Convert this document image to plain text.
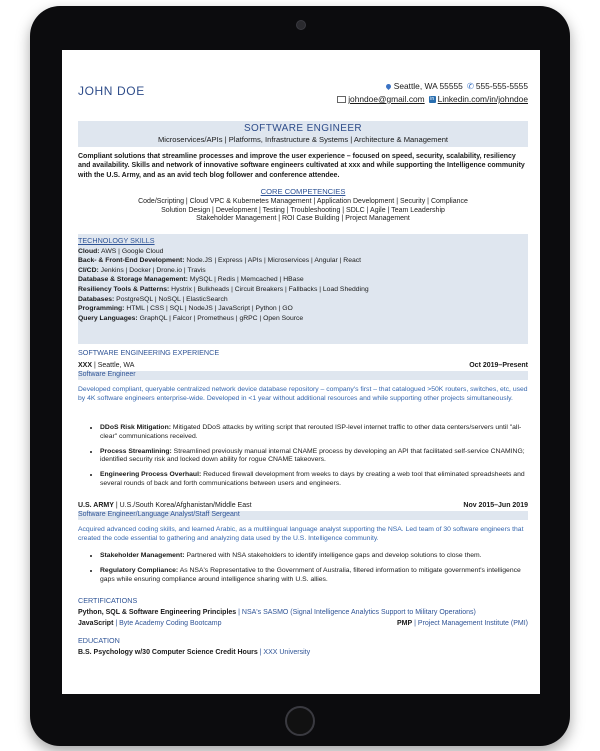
JOHN DOE	Seattle, WA 55555 ✆ 555-555-5555
johndoe@gmail.com in Linkedin.com/in/johndoe
SOFTWARE ENGINEER
Microservices/APIs | Platforms, Infrastructure & Systems | Architecture & Management
Compliant solutions that streamline processes and improve the user experience – focused on speed, security, scalability, resiliency and availability. Skills and network of innovative software engineers cultivated at xxx and while supporting the Intelligence community with the U.S. Army, and as an avid tech blog follower and conference attendee.
CORE COMPETENCIES
Code/Scripting | Cloud VPC & Kubernetes Management | Application Development | Security | Compliance
Solution Design | Development | Testing | Troubleshooting | SDLC | Agile | Team Leadership
Stakeholder Management | ROI Case Building | Project Management
TECHNOLOGY SKILLS
Cloud: AWS | Google Cloud
Back- & Front-End Development: Node.JS | Express | APIs | Microservices | Angular | React
CI/CD: Jenkins | Docker | Drone.io | Travis
Database & Storage Management: MySQL | Redis | Memcached | HBase
Resiliency Tools & Patterns: Hystrix | Bulkheads | Circuit Breakers | Fallbacks | Load Shedding
Databases: PostgreSQL | NoSQL | ElasticSearch
Programming: HTML | CSS | SQL | NodeJS | JavaScript | Python | GO
Query Languages: GraphQL | Falcor | Prometheus | gRPC | Open Source
SOFTWARE ENGINEERING EXPERIENCE
XXX | Seattle, WA	Oct 2019–Present
Software Engineer
Developed compliant, queryable centralized network device database repository – company's first – that catalogued >50K routers, switches, etc, used by 4K software engineers enterprise-wide. Developed in <1 year without additional resources and while supporting other projects simultaneously.
• DDoS Risk Mitigation: Mitigated DDoS attacks by writing script that rerouted ISP-level internet traffic to other data centers/servers until "all-clear" communications received.
• Process Streamlining: Streamlined previously manual internal CNAME process by developing an API that facilitated self-service CNAMING; identified security risk and locked down ability for rogue CNAME takeovers.
• Engineering Process Overhaul: Reduced firewall development from weeks to days by creating a web tool that eliminated spreadsheets and several rounds of back and forth communications between users and engineers.
U.S. ARMY | U.S./South Korea/Afghanistan/Middle East	Nov 2015–Jun 2019
Software Engineer/Language Analyst/Staff Sergeant
Acquired advanced coding skills, and learned Arabic, as a multilingual language analyst supporting the NSA. Led team of 30 software engineers that created the code essential to gathering and analyzing data used by the U.S. Intelligence community.
• Stakeholder Management: Partnered with NSA stakeholders to identify intelligence gaps and develop solutions to close them.
• Regulatory Compliance: As NSA's Representative to the Government of Australia, filtered information to mitigate government's intelligence gaps while ensuring compliance around intelligence sharing with U.S. allies.
CERTIFICATIONS
Python, SQL & Software Engineering Principles | NSA's SASMO (Signal Intelligence Analytics Support to Military Operations)
JavaScript | Byte Academy Coding Bootcamp	PMP | Project Management Institute (PMI)
EDUCATION
B.S. Psychology w/30 Computer Science Credit Hours | XXX University
